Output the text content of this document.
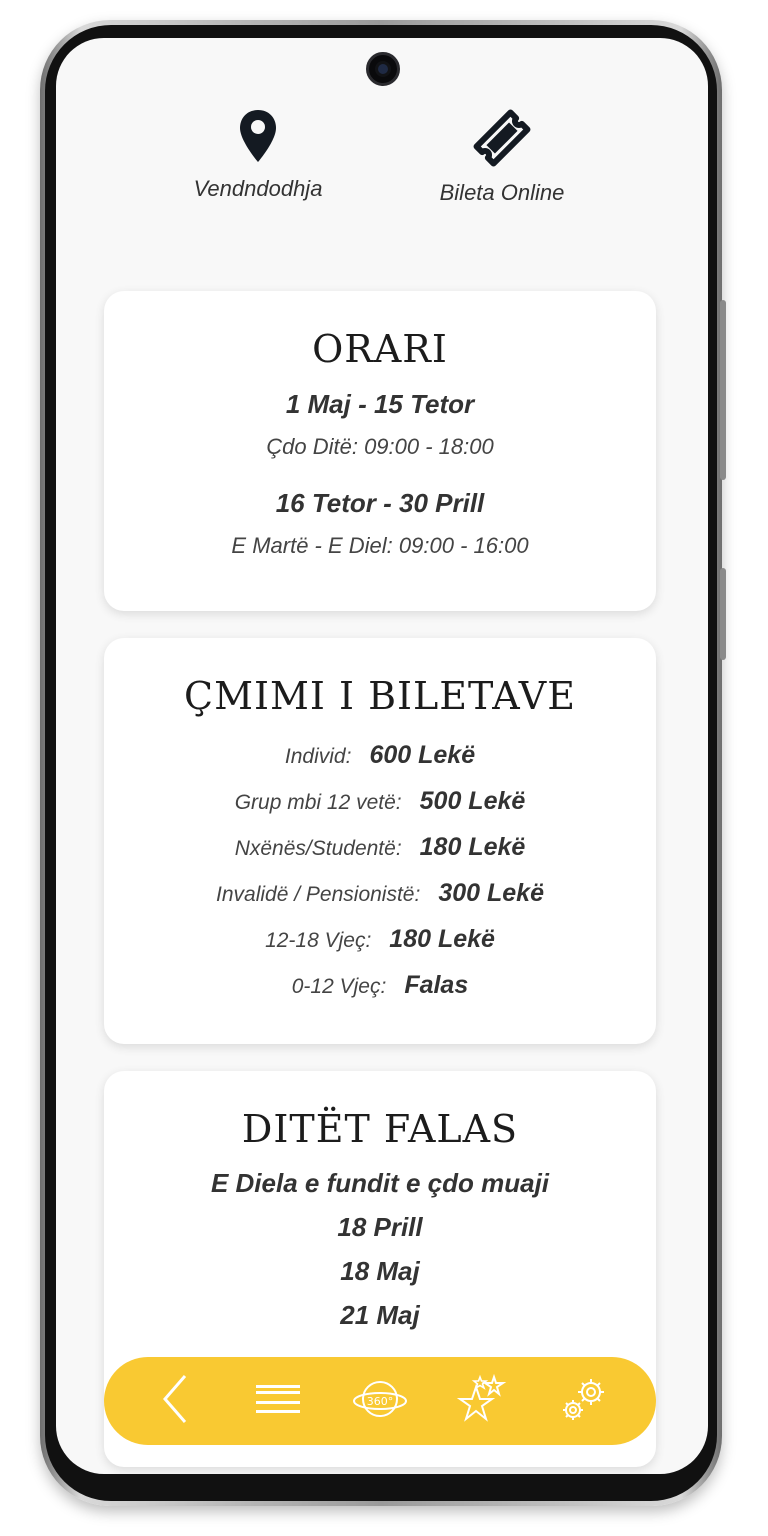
Vendndodhja	Bileta Online
ORARI
1 Maj - 15 Tetor
Çdo Ditë: 09:00 - 18:00
16 Tetor - 30 Prill
E Martë - E Diel: 09:00 - 16:00
ÇMIMI I BILETAVE
Individ: 600 Lekë
Grup mbi 12 vetë: 500 Lekë
Nxënës/Studentë: 180 Lekë
Invalidë / Pensionistë: 300 Lekë
12-18 Vjeç: 180 Lekë
0-12 Vjeç: Falas
DITËT FALAS
E Diela e fundit e çdo muaji
18 Prill
18 Maj
21 Maj
360°
